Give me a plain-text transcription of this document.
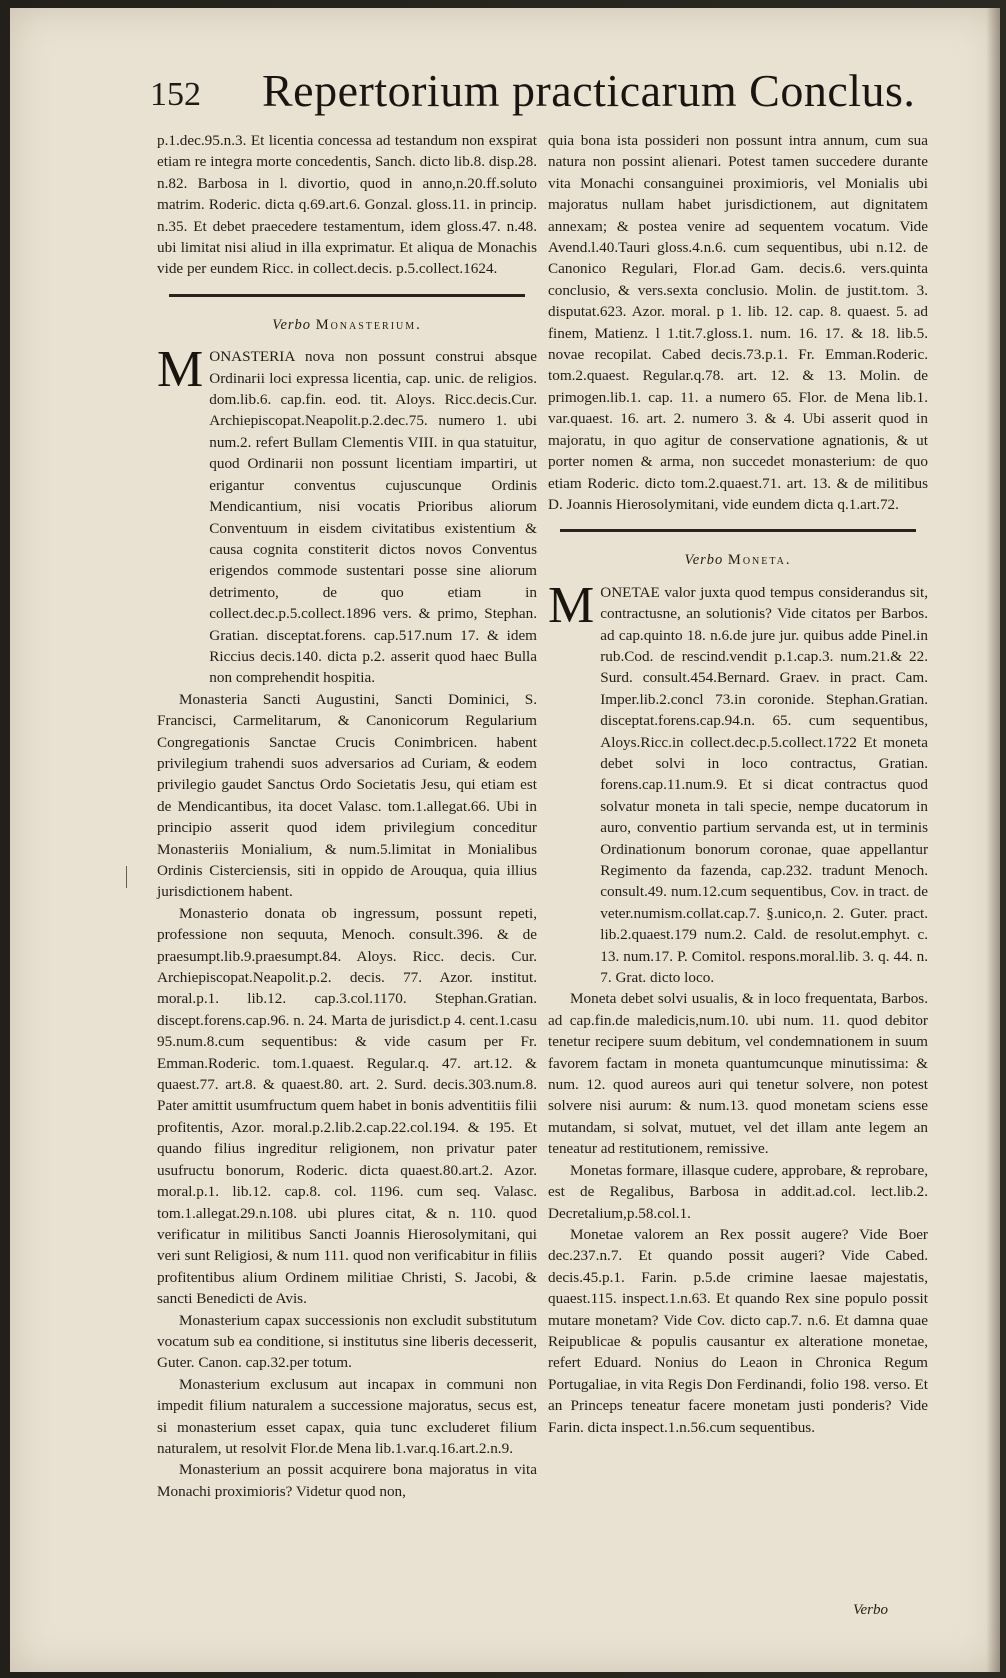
152 Repertorium practicarum Conclus.

p.1.dec.95.n.3. Et licentia concessa ad testandum non exspirat etiam re integra morte concedentis, Sanch. dicto lib.8. disp.28. n.82. Barbosa in l. divortio, quod in anno,n.20.ff.soluto matrim. Roderic. dicta q.69.art.6. Gonzal. gloss.11. in princip. n.35. Et debet praecedere testamentum, idem gloss.47. n.48. ubi limitat nisi aliud in illa exprimatur. Et aliqua de Monachis vide per eundem Ricc. in collect.decis. p.5.collect.1624.

Verbo Monasterium.
M ONASTERIA nova non possunt construi absque Ordinarii loci expressa licentia, cap. unic. de religios. dom.lib.6. cap.fin. eod. tit. Aloys. Ricc.decis.Cur. Archiepiscopat.Neapolit.p.2.dec.75. numero 1. ubi num.2. refert Bullam Clementis VIII. in qua statuitur, quod Ordinarii non possunt licentiam impartiri, ut erigantur conventus cujuscunque Ordinis Mendicantium, nisi vocatis Prioribus aliorum Conventuum in eisdem civitatibus existentium & causa cognita constiterit dictos novos Conventus erigendos commode sustentari posse sine aliorum detrimento, de quo etiam in collect.dec.p.5.collect.1896 vers. & primo, Stephan. Gratian. disceptat.forens. cap.517.num 17. & idem Riccius decis.140. dicta p.2. asserit quod haec Bulla non comprehendit hospitia.

Monasteria Sancti Augustini, Sancti Dominici, S. Francisci, Carmelitarum, & Canonicorum Regularium Congregationis Sanctae Crucis Conimbricen. habent privilegium trahendi suos adversarios ad Curiam, & eodem privilegio gaudet Sanctus Ordo Societatis Jesu, qui etiam est de Mendicantibus, ita docet Valasc. tom.1.allegat.66. Ubi in principio asserit quod idem privilegium conceditur Monasteriis Monialium, & num.5.limitat in Monialibus Ordinis Cisterciensis, siti in oppido de Arouqua, quia illius jurisdictionem habent.

Monasterio donata ob ingressum, possunt repeti, professione non sequuta, Menoch. consult.396. & de praesumpt.lib.9.praesumpt.84. Aloys. Ricc. decis. Cur. Archiepiscopat.Neapolit.p.2. decis. 77. Azor. institut. moral.p.1. lib.12. cap.3.col.1170. Stephan.Gratian. discept.forens.cap.96. n. 24. Marta de jurisdict.p 4. cent.1.casu 95.num.8.cum sequentibus: & vide casum per Fr. Emman.Roderic. tom.1.quaest. Regular.q. 47. art.12. & quaest.77. art.8. & quaest.80. art. 2. Surd. decis.303.num.8. Pater amittit usumfructum quem habet in bonis adventitiis filii profitentis, Azor. moral.p.2.lib.2.cap.22.col.194. & 195. Et quando filius ingreditur religionem, non privatur pater usufructu bonorum, Roderic. dicta quaest.80.art.2. Azor. moral.p.1. lib.12. cap.8. col. 1196. cum seq. Valasc. tom.1.allegat.29.n.108. ubi plures citat, & n. 110. quod verificatur in militibus Sancti Joannis Hierosolymitani, qui veri sunt Religiosi, & num 111. quod non verificabitur in filiis profitentibus alium Ordinem militiae Christi, S. Jacobi, & sancti Benedicti de Avis.

Monasterium capax successionis non excludit substitutum vocatum sub ea conditione, si institutus sine liberis decesserit, Guter. Canon. cap.32.per totum.

Monasterium exclusum aut incapax in communi non impedit filium naturalem a successione majoratus, secus est, si monasterium esset capax, quia tunc excluderet filium naturalem, ut resolvit Flor.de Mena lib.1.var.q.16.art.2.n.9.

Monasterium an possit acquirere bona majoratus in vita Monachi proximioris? Videtur quod non,

quia bona ista possideri non possunt intra annum, cum sua natura non possint alienari. Potest tamen succedere durante vita Monachi consanguinei proximioris, vel Monialis ubi majoratus nullam habet jurisdictionem, aut dignitatem annexam; & postea venire ad sequentem vocatum. Vide Avend.l.40.Tauri gloss.4.n.6. cum sequentibus, ubi n.12. de Canonico Regulari, Flor.ad Gam. decis.6. vers.quinta conclusio, & vers.sexta conclusio. Molin. de justit.tom. 3. disputat.623. Azor. moral. p 1. lib. 12. cap. 8. quaest. 5. ad finem, Matienz. l 1.tit.7.gloss.1. num. 16. 17. & 18. lib.5. novae recopilat. Cabed decis.73.p.1. Fr. Emman.Roderic. tom.2.quaest. Regular.q.78. art. 12. & 13. Molin. de primogen.lib.1. cap. 11. a numero 65. Flor. de Mena lib.1. var.quaest. 16. art. 2. numero 3. & 4. Ubi asserit quod in majoratu, in quo agitur de conservatione agnationis, & ut porter nomen & arma, non succedet monasterium: de quo etiam Roderic. dicto tom.2.quaest.71. art. 13. & de militibus D. Joannis Hierosolymitani, vide eundem dicta q.1.art.72.

Verbo Moneta.
M ONETAE valor juxta quod tempus considerandus sit, contractusne, an solutionis? Vide citatos per Barbos. ad cap.quinto 18. n.6.de jure jur. quibus adde Pinel.in rub.Cod. de rescind.vendit p.1.cap.3. num.21.& 22. Surd. consult.454.Bernard. Graev. in pract. Cam. Imper.lib.2.concl 73.in coronide. Stephan.Gratian. disceptat.forens.cap.94.n. 65. cum sequentibus, Aloys.Ricc.in collect.dec.p.5.collect.1722 Et moneta debet solvi in loco contractus, Gratian. forens.cap.11.num.9. Et si dicat contractus quod solvatur moneta in tali specie, nempe ducatorum in auro, conventio partium servanda est, ut in terminis Ordinationum bonorum coronae, quae appellantur Regimento da fazenda, cap.232. tradunt Menoch. consult.49. num.12.cum sequentibus, Cov. in tract. de veter.numism.collat.cap.7. §.unico,n. 2. Guter. pract. lib.2.quaest.179 num.2. Cald. de resolut.emphyt. c. 13. num.17. P. Comitol. respons.moral.lib. 3. q. 44. n. 7. Grat. dicto loco.

Moneta debet solvi usualis, & in loco frequentata, Barbos. ad cap.fin.de maledicis,num.10. ubi num. 11. quod debitor tenetur recipere suum debitum, vel condemnationem in suum favorem factam in moneta quantumcunque minutissima: & num. 12. quod aureos auri qui tenetur solvere, non potest solvere nisi aurum: & num.13. quod monetam sciens esse mutandam, si solvat, mutuet, vel det illam ante legem an teneatur ad restitutionem, remissive.

Monetas formare, illasque cudere, approbare, & reprobare, est de Regalibus, Barbosa in addit.ad.col. lect.lib.2. Decretalium,p.58.col.1.

Monetae valorem an Rex possit augere? Vide Boer dec.237.n.7. Et quando possit augeri? Vide Cabed. decis.45.p.1. Farin. p.5.de crimine laesae majestatis, quaest.115. inspect.1.n.63. Et quando Rex sine populo possit mutare monetam? Vide Cov. dicto cap.7. n.6. Et damna quae Reipublicae & populis causantur ex alteratione monetae, refert Eduard. Nonius do Leaon in Chronica Regum Portugaliae, in vita Regis Don Ferdinandi, folio 198. verso. Et an Princeps teneatur facere monetam justi ponderis? Vide Farin. dicta inspect.1.n.56.cum sequentibus.

Verbo
